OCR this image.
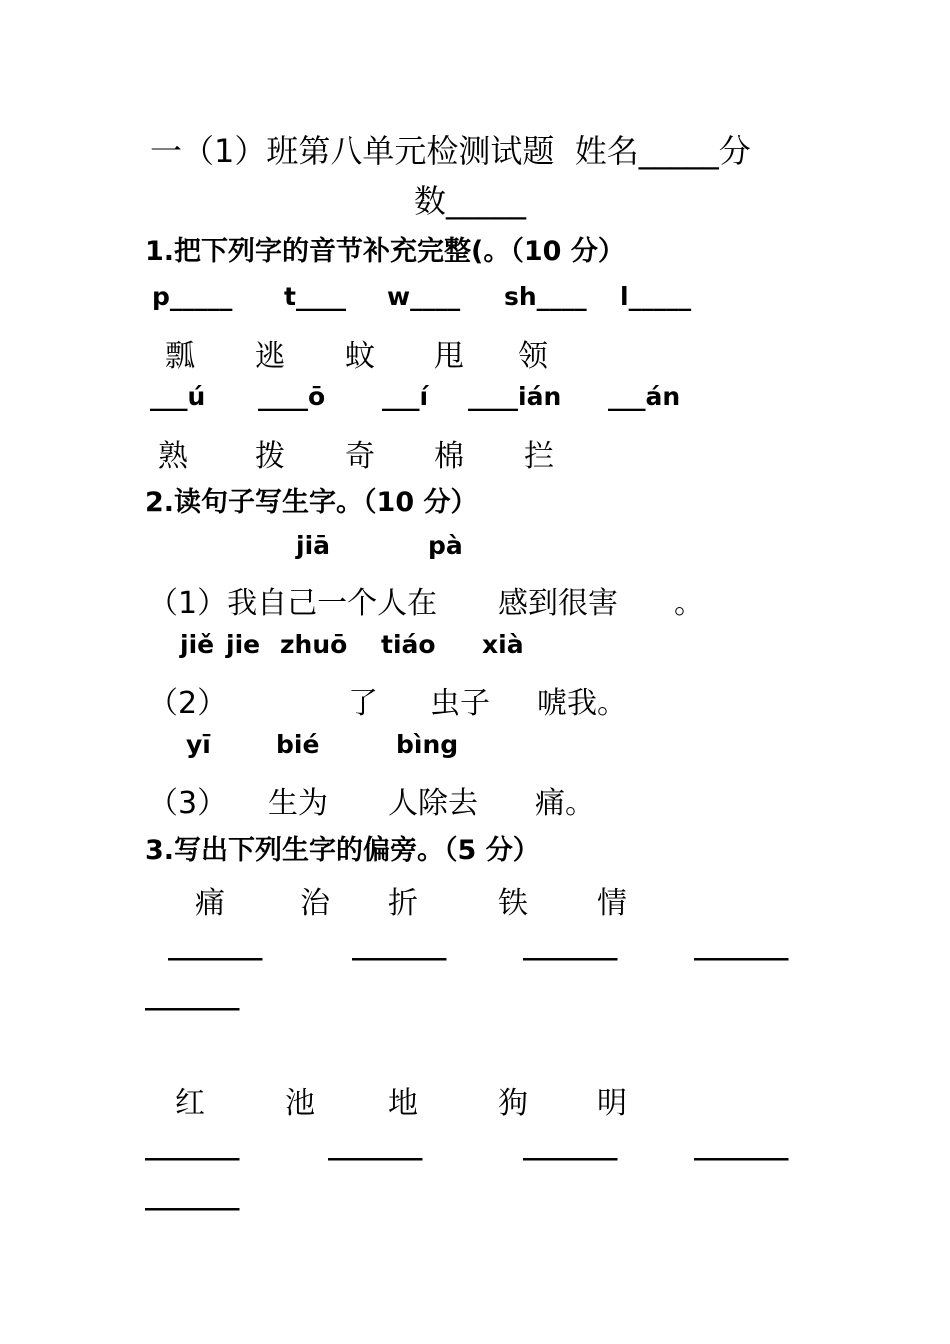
一（1）班第八单元检测试题  姓名_____分
数_____
1.把下列字的音节补充完整(。（10 分）
p_____ t____ w____ sh____ l_____
瓢 逃 蚊 甩 领
___ú ____ō ___í ____ián ___án
熟 拨 奇 棉 拦
2.读句子写生字。（10 分）
jiā	pà
（1）我自己一个人在 感到很害 。
jiě jie zhuō tiáo xià
（2）	了 虫子 唬我。
yī	bié	bìng
（3） 生为 人除去 痛。
3.写出下列生字的偏旁。（5 分）
痛	治 折	铁 情
_______	_______	_______	_______
_______
红	池 地	狗 明
_______	_______	_______	_______
_______
